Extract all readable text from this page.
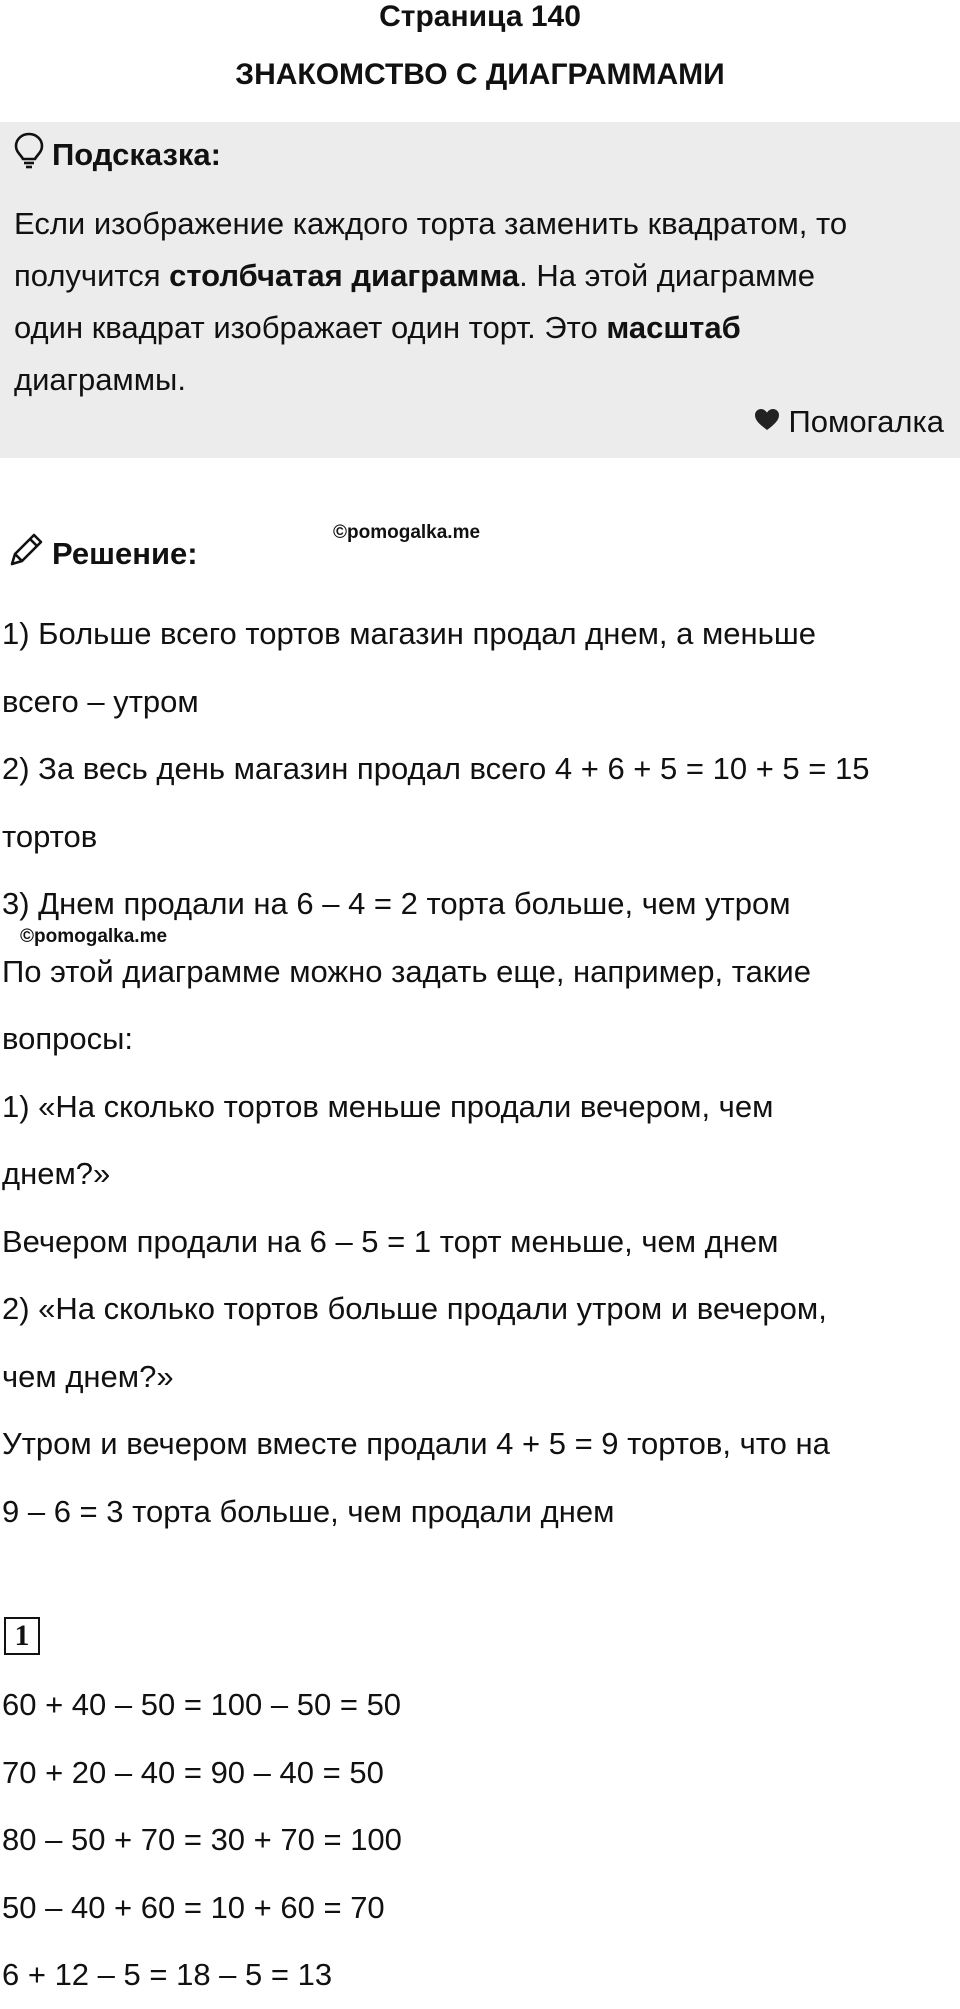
Страница 140
ЗНАКОМСТВО С ДИАГРАММАМИ
Подсказка:
Если изображение каждого торта заменить квадратом, то
получится столбчатая диаграмма. На этой диаграмме
один квадрат изображает один торт. Это масштаб
диаграммы.
Помогалка
Решение:
©pomogalka.me
1) Больше всего тортов магазин продал днем, а меньше
всего – утром
2) За весь день магазин продал всего 4 + 6 + 5 = 10 + 5 = 15
тортов
3) Днем продали на 6 – 4 = 2 торта больше, чем утром
По этой диаграмме можно задать еще, например, такие
вопросы:
1) «На сколько тортов меньше продали вечером, чем
днем?»
Вечером продали на 6 – 5 = 1 торт меньше, чем днем
2) «На сколько тортов больше продали утром и вечером,
чем днем?»
Утром и вечером вместе продали 4 + 5 = 9 тортов, что на
9 – 6 = 3 торта больше, чем продали днем
©pomogalka.me
1
60 + 40 – 50 = 100 – 50 = 50
70 + 20 – 40 = 90 – 40 = 50
80 – 50 + 70 = 30 + 70 = 100
50 – 40 + 60 = 10 + 60 = 70
6 + 12 – 5 = 18 – 5 = 13
